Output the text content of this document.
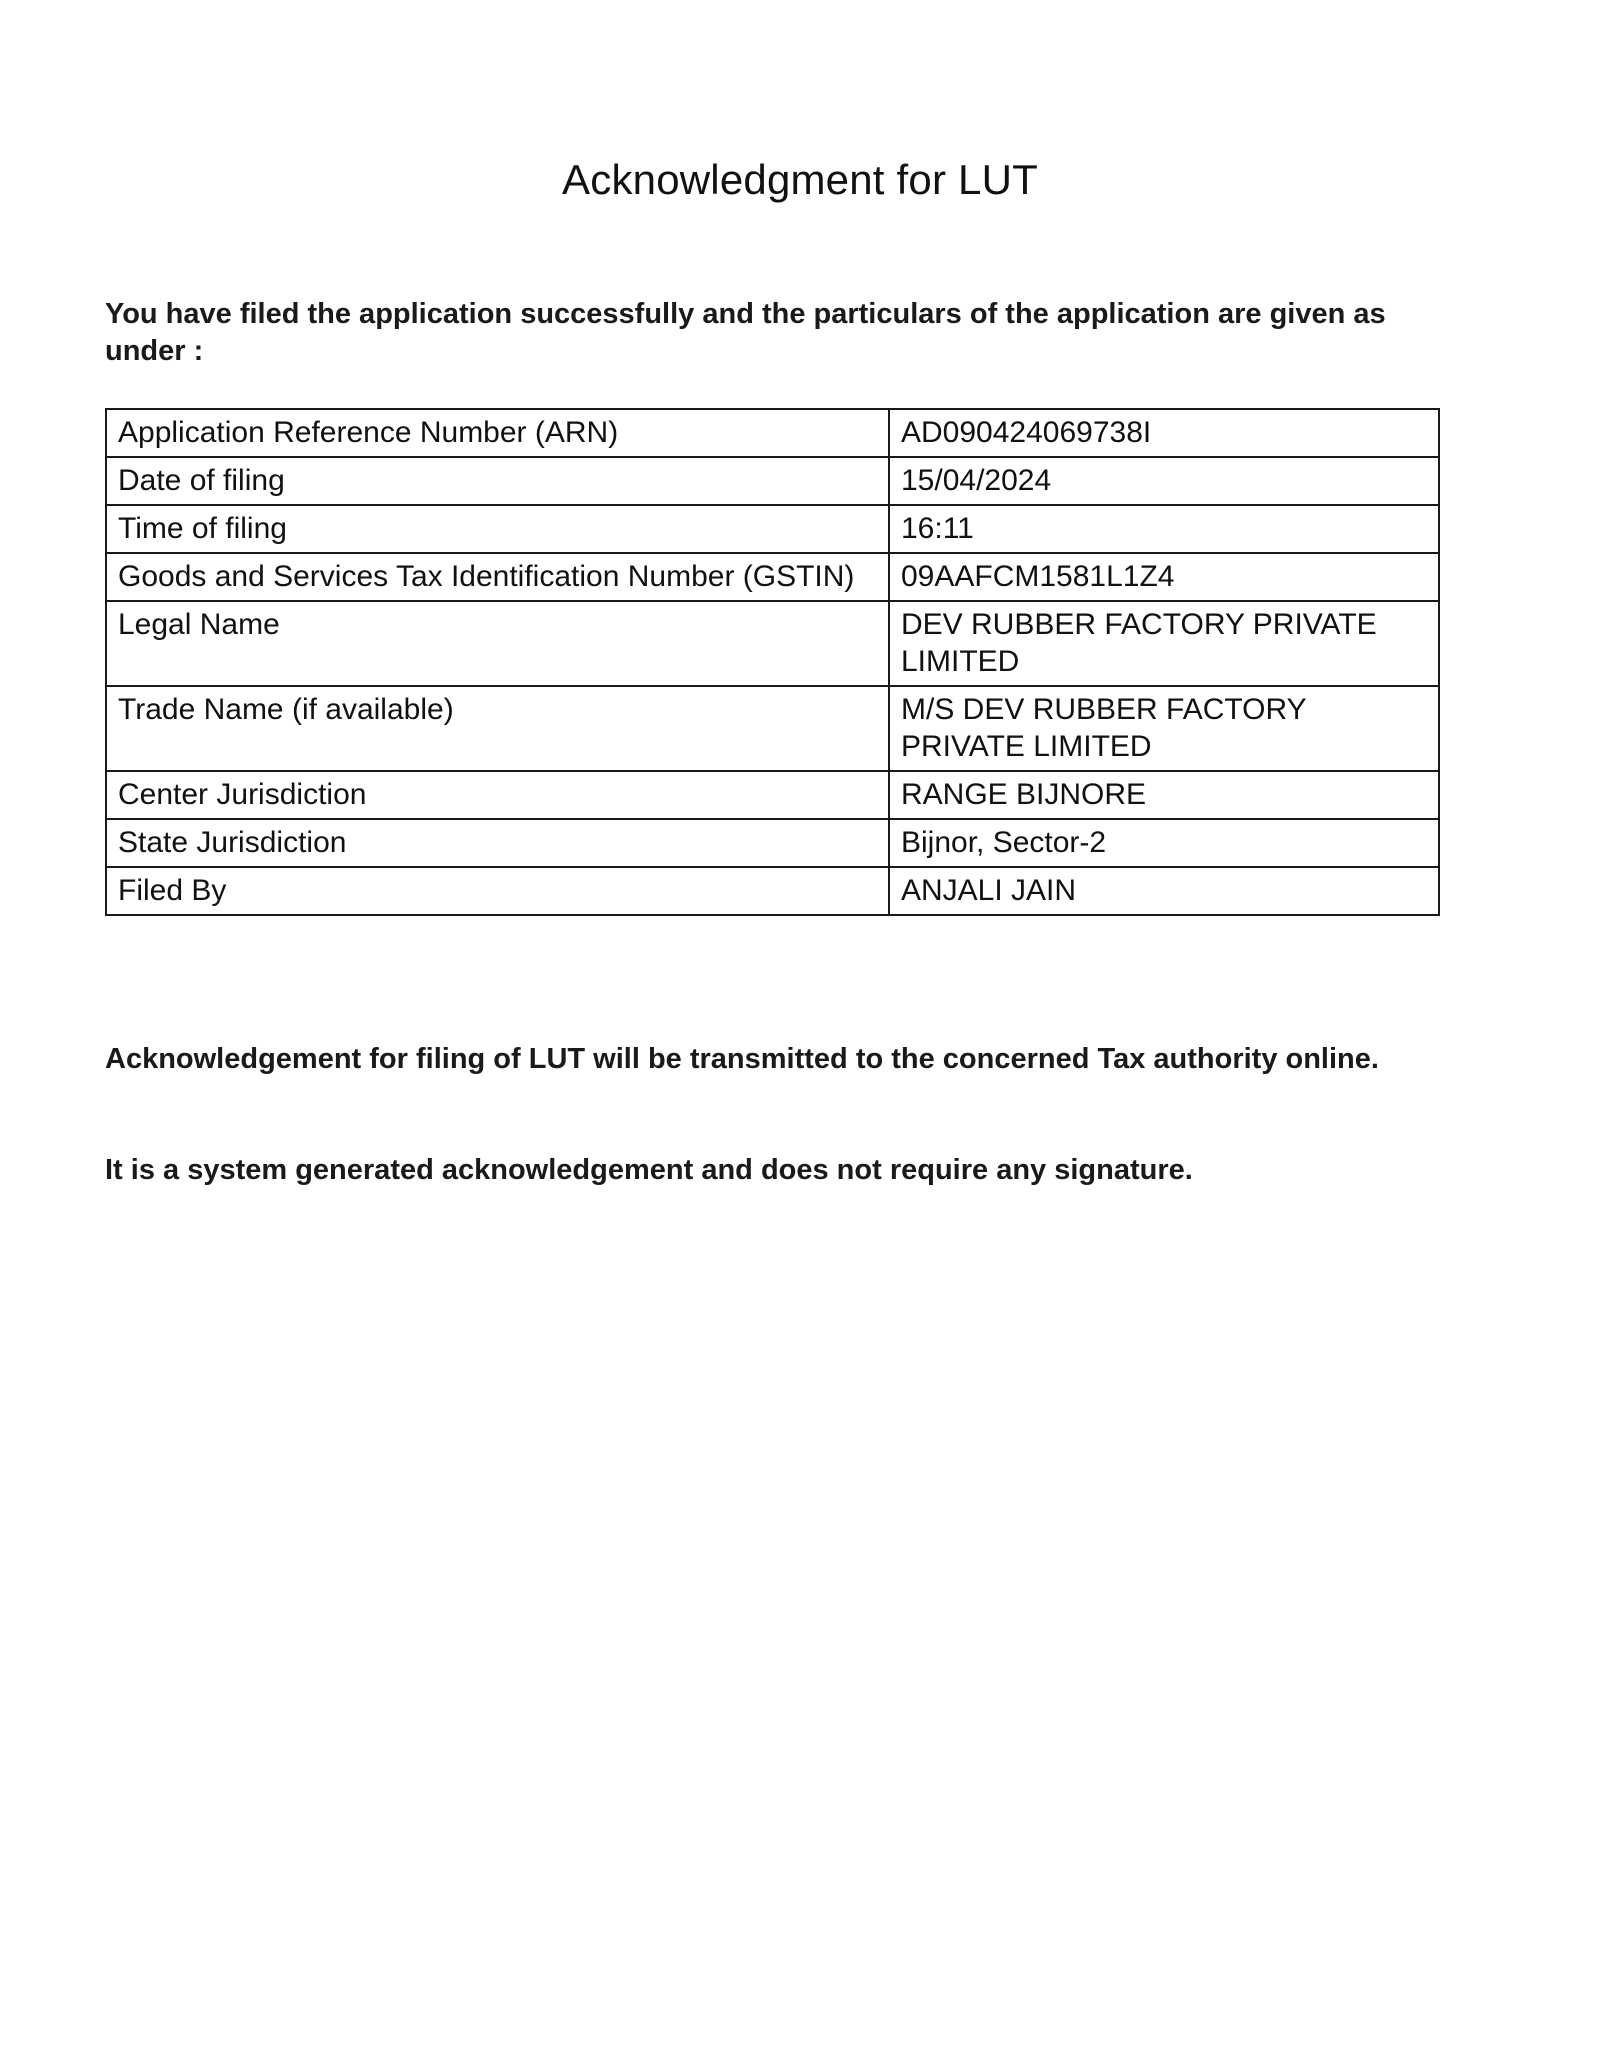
Acknowledgment for LUT
You have filed the application successfully and the particulars of the application are given as under :
Application Reference Number (ARN)	AD090424069738I
Date of filing	15/04/2024
Time of filing	16:11
Goods and Services Tax Identification Number (GSTIN)	09AAFCM1581L1Z4
Legal Name	DEV RUBBER FACTORY PRIVATE LIMITED
Trade Name (if available)	M/S DEV RUBBER FACTORY PRIVATE LIMITED
Center Jurisdiction	RANGE BIJNORE
State Jurisdiction	Bijnor, Sector-2
Filed By	ANJALI JAIN
Acknowledgement for filing of LUT will be transmitted to the concerned Tax authority online.
It is a system generated acknowledgement and does not require any signature.
